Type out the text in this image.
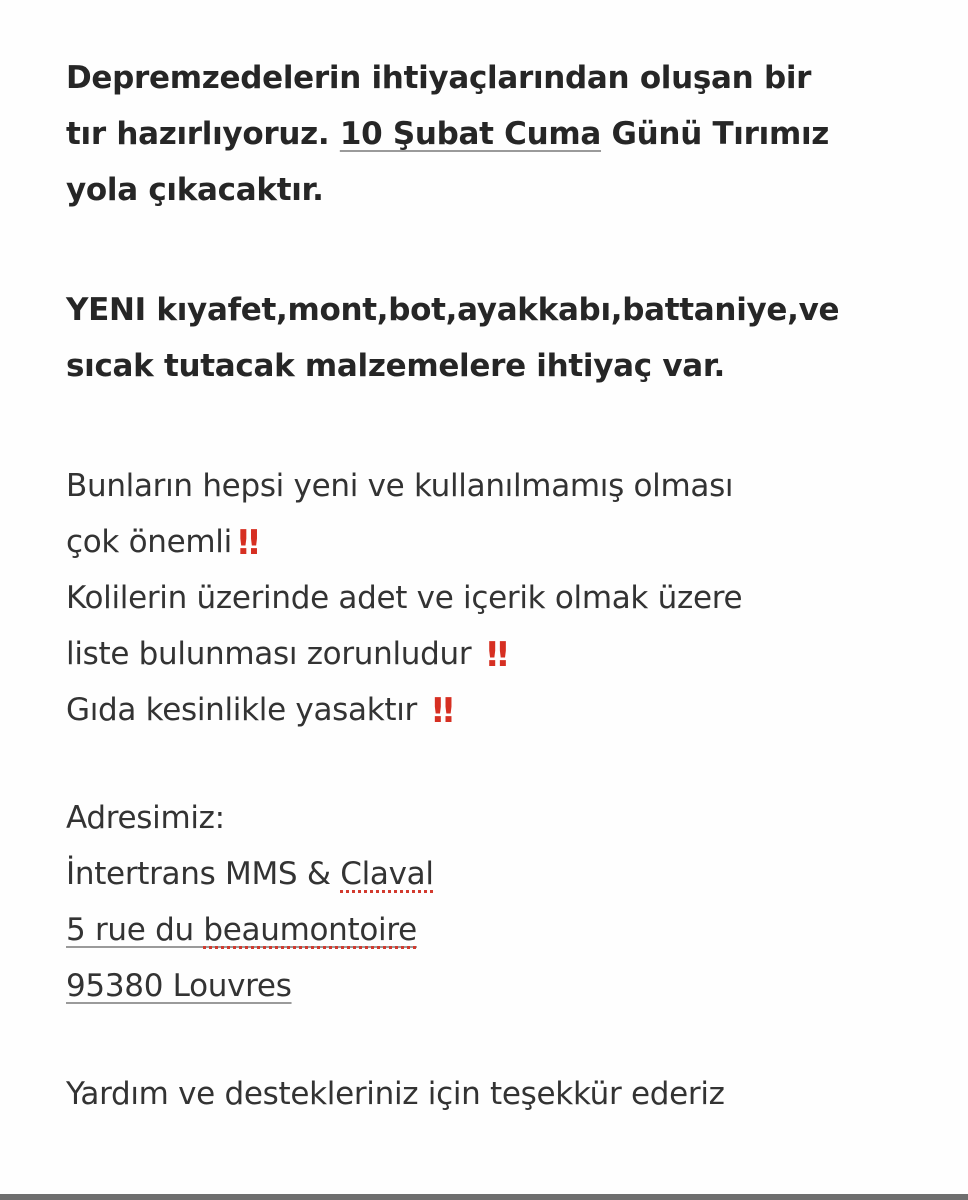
Depremzedelerin ihtiyaçlarından oluşan bir
tır hazırlıyoruz. 10 Şubat Cuma Günü Tırımız
yola çıkacaktır.
YENI kıyafet,mont,bot,ayakkabı,battaniye,ve
sıcak tutacak malzemelere ihtiyaç var.
Bunların hepsi yeni ve kullanılmamış olması
çok önemli ‼
Kolilerin üzerinde adet ve içerik olmak üzere
liste bulunması zorunludur ‼
Gıda kesinlikle yasaktır ‼
Adresimiz:
İntertrans MMS & Claval
5 rue du beaumontoire
95380 Louvres
Yardım ve destekleriniz için teşekkür ederiz
